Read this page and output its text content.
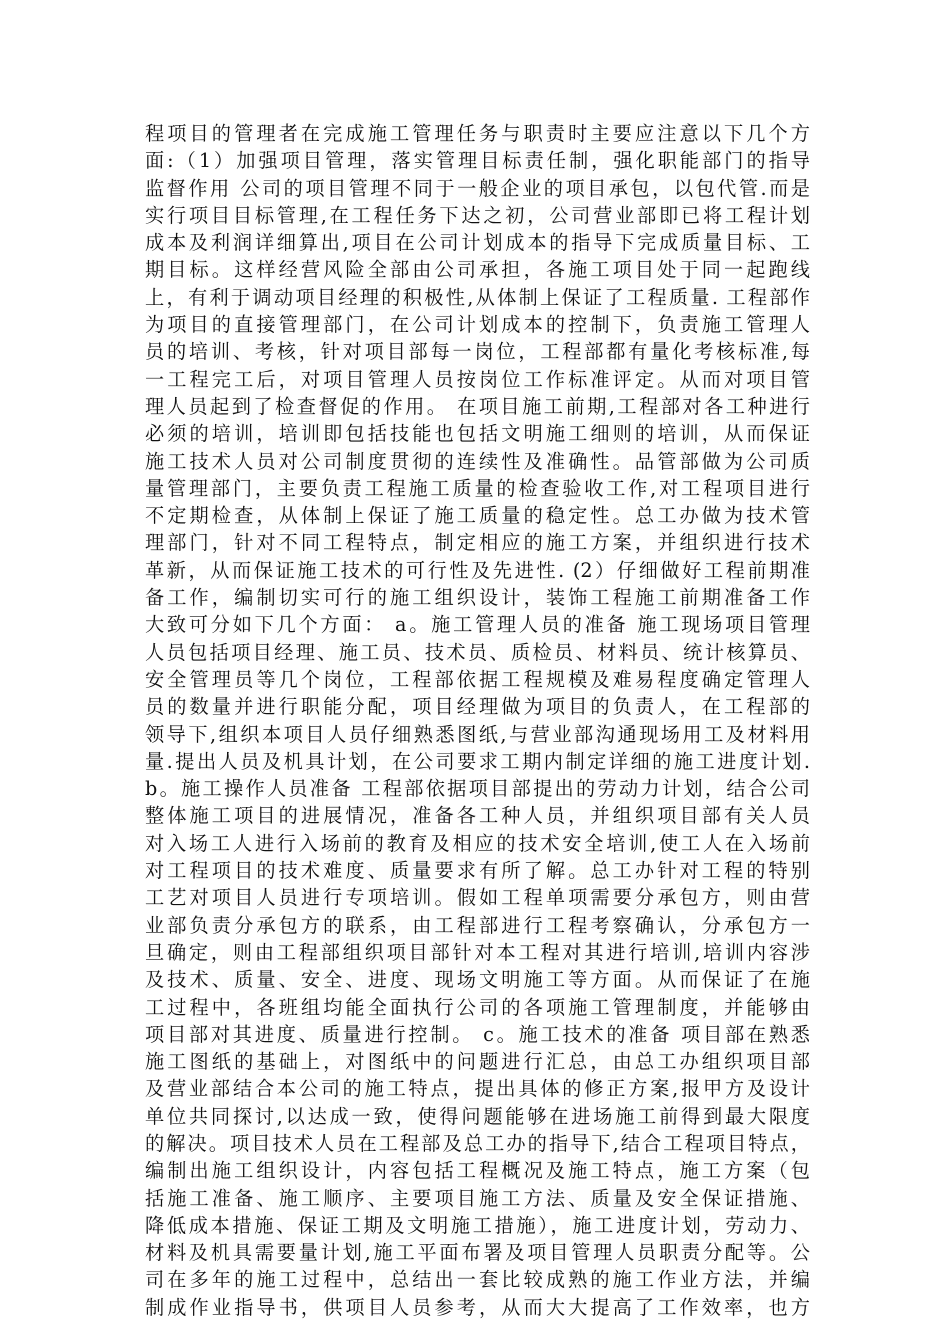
程项目的管理者在完成施工管理任务与职责时主要应注意以下几个方
面:（1）加强项目管理，落实管理目标责任制，强化职能部门的指导
监督作用 公司的项目管理不同于一般企业的项目承包，以包代管.而是
实行项目目标管理,在工程任务下达之初，公司营业部即已将工程计划
成本及利润详细算出,项目在公司计划成本的指导下完成质量目标、工
期目标。这样经营风险全部由公司承担，各施工项目处于同一起跑线
上，有利于调动项目经理的积极性,从体制上保证了工程质量. 工程部作
为项目的直接管理部门，在公司计划成本的控制下，负责施工管理人
员的培训、考核，针对项目部每一岗位，工程部都有量化考核标准,每
一工程完工后，对项目管理人员按岗位工作标准评定。从而对项目管
理人员起到了检查督促的作用。 在项目施工前期,工程部对各工种进行
必须的培训，培训即包括技能也包括文明施工细则的培训，从而保证
施工技术人员对公司制度贯彻的连续性及准确性。品管部做为公司质
量管理部门，主要负责工程施工质量的检查验收工作,对工程项目进行
不定期检查，从体制上保证了施工质量的稳定性。总工办做为技术管
理部门，针对不同工程特点，制定相应的施工方案，并组织进行技术
革新，从而保证施工技术的可行性及先进性. (2）仔细做好工程前期准
备工作，编制切实可行的施工组织设计，装饰工程施工前期准备工作
大致可分如下几个方面： a。施工管理人员的准备 施工现场项目管理
人员包括项目经理、施工员、技术员、质检员、材料员、统计核算员、
安全管理员等几个岗位，工程部依据工程规模及难易程度确定管理人
员的数量并进行职能分配，项目经理做为项目的负责人，在工程部的
领导下,组织本项目人员仔细熟悉图纸,与营业部沟通现场用工及材料用
量.提出人员及机具计划，在公司要求工期内制定详细的施工进度计划.
b。施工操作人员准备 工程部依据项目部提出的劳动力计划，结合公司
整体施工项目的进展情况，准备各工种人员，并组织项目部有关人员
对入场工人进行入场前的教育及相应的技术安全培训,使工人在入场前
对工程项目的技术难度、质量要求有所了解。总工办针对工程的特别
工艺对项目人员进行专项培训。假如工程单项需要分承包方，则由营
业部负责分承包方的联系，由工程部进行工程考察确认，分承包方一
旦确定，则由工程部组织项目部针对本工程对其进行培训,培训内容涉
及技术、质量、安全、进度、现场文明施工等方面。从而保证了在施
工过程中，各班组均能全面执行公司的各项施工管理制度，并能够由
项目部对其进度、质量进行控制。 c。施工技术的准备 项目部在熟悉
施工图纸的基础上，对图纸中的问题进行汇总，由总工办组织项目部
及营业部结合本公司的施工特点，提出具体的修正方案,报甲方及设计
单位共同探讨,以达成一致，使得问题能够在进场施工前得到最大限度
的解决。项目技术人员在工程部及总工办的指导下,结合工程项目特点，
编制出施工组织设计，内容包括工程概况及施工特点，施工方案（包
括施工准备、施工顺序、主要项目施工方法、质量及安全保证措施、
降低成本措施、保证工期及文明施工措施），施工进度计划，劳动力、
材料及机具需要量计划,施工平面布署及项目管理人员职责分配等。公
司在多年的施工过程中，总结出一套比较成熟的施工作业方法，并编
制成作业指导书，供项目人员参考，从而大大提高了工作效率，也方
